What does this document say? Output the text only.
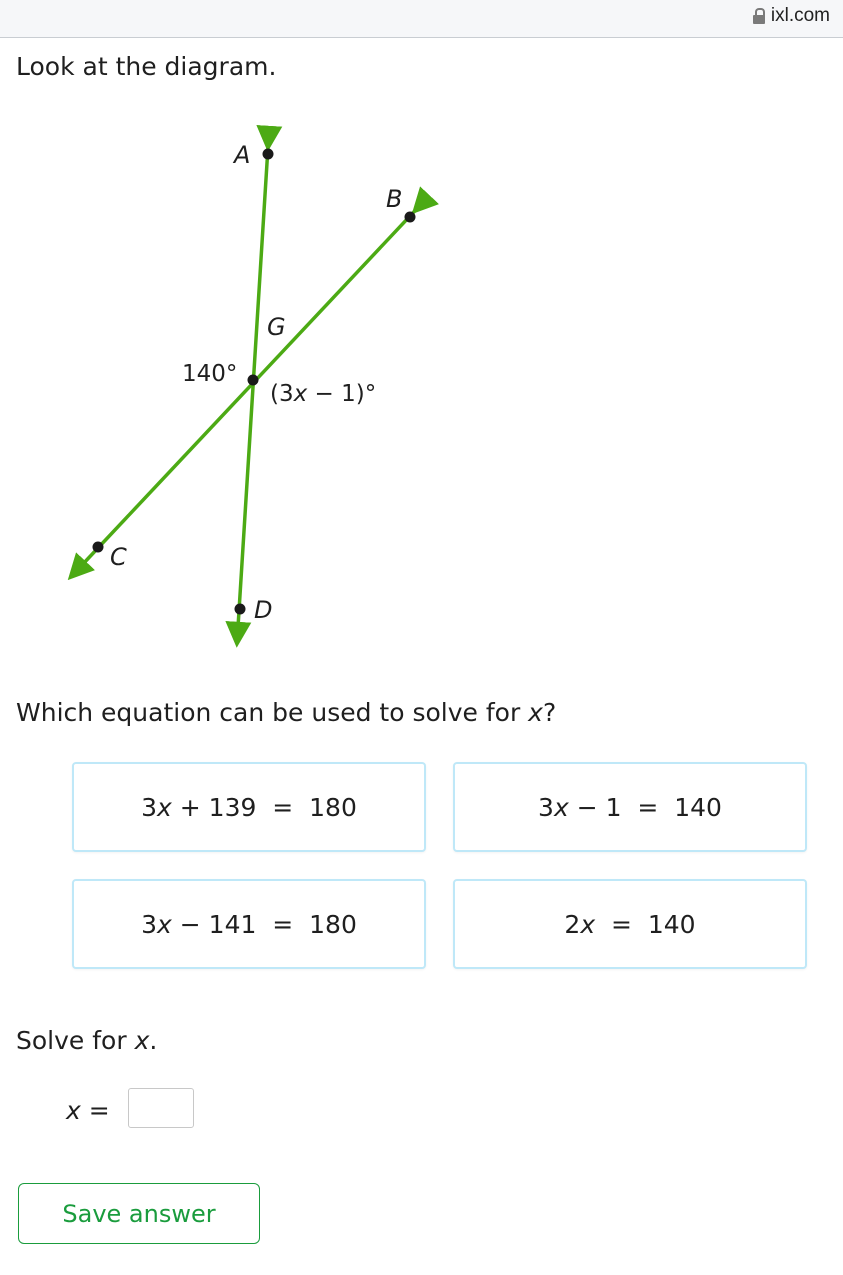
ixl.com
Look at the diagram.
A
B
G
C
D
140°
(3x − 1)°
Which equation can be used to solve for x?
3 x + 139  =  180	3 x − 1  =  140
3 x − 141  =  180	2 x =  140
Solve for x.
x =
Save answer
